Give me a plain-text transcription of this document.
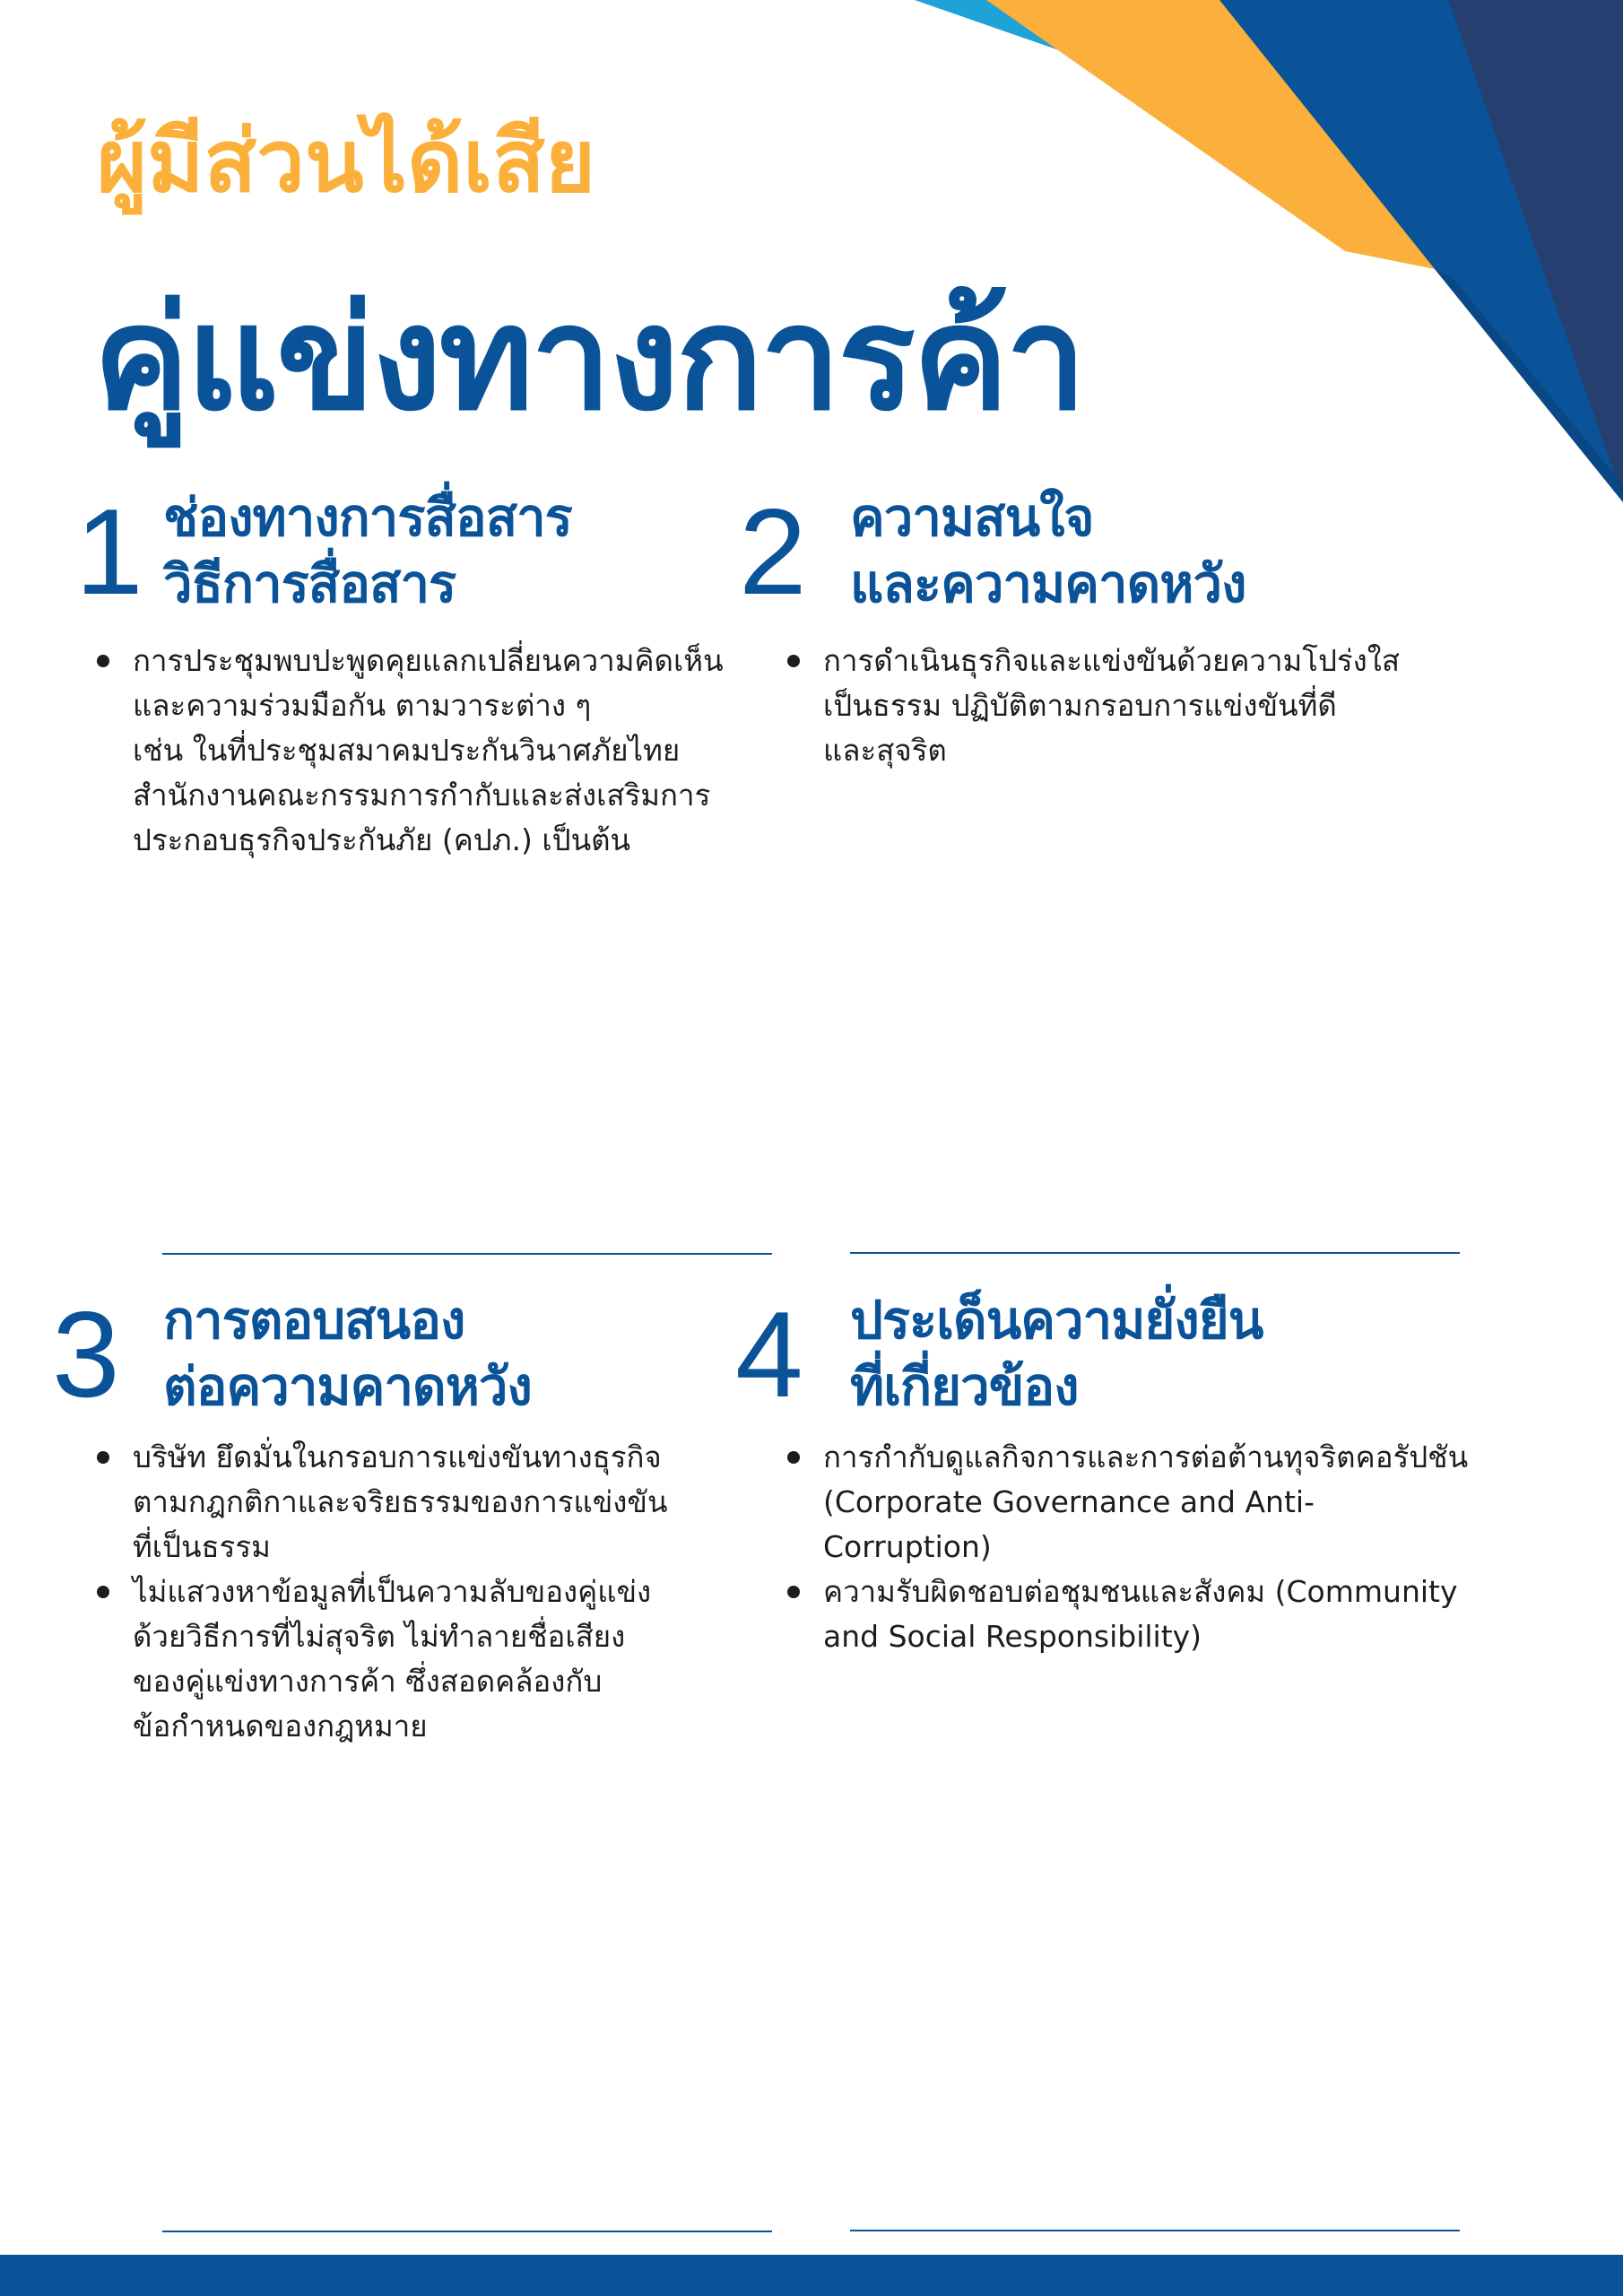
ผู้มีส่วนได้เสีย
คู่แข่งทางการค้า
1 ช่องทางการสื่อสาร
วิธีการสื่อสาร
การประชุมพบปะพูดคุยแลกเปลี่ยนความคิดเห็น
และความร่วมมือกัน ตามวาระต่าง ๆ
เช่น ในที่ประชุมสมาคมประกันวินาศภัยไทย
สำนักงานคณะกรรมการกำกับและส่งเสริมการ
ประกอบธุรกิจประกันภัย (คปภ.) เป็นต้น
2 ความสนใจ
และความคาดหวัง
การดำเนินธุรกิจและแข่งขันด้วยความโปร่งใส
เป็นธรรม ปฏิบัติตามกรอบการแข่งขันที่ดี
และสุจริต
3 การตอบสนอง
ต่อความคาดหวัง
บริษัท ยึดมั่นในกรอบการแข่งขันทางธุรกิจ
ตามกฎกติกาและจริยธรรมของการแข่งขัน
ที่เป็นธรรม
ไม่แสวงหาข้อมูลที่เป็นความลับของคู่แข่ง
ด้วยวิธีการที่ไม่สุจริต ไม่ทำลายชื่อเสียง
ของคู่แข่งทางการค้า ซึ่งสอดคล้องกับ
ข้อกำหนดของกฎหมาย
4 ประเด็นความยั่งยืน
ที่เกี่ยวข้อง
การกำกับดูแลกิจการและการต่อต้านทุจริตคอรัปชัน
(Corporate Governance and Anti-
Corruption)
ความรับผิดชอบต่อชุมชนและสังคม (Community
and Social Responsibility)
